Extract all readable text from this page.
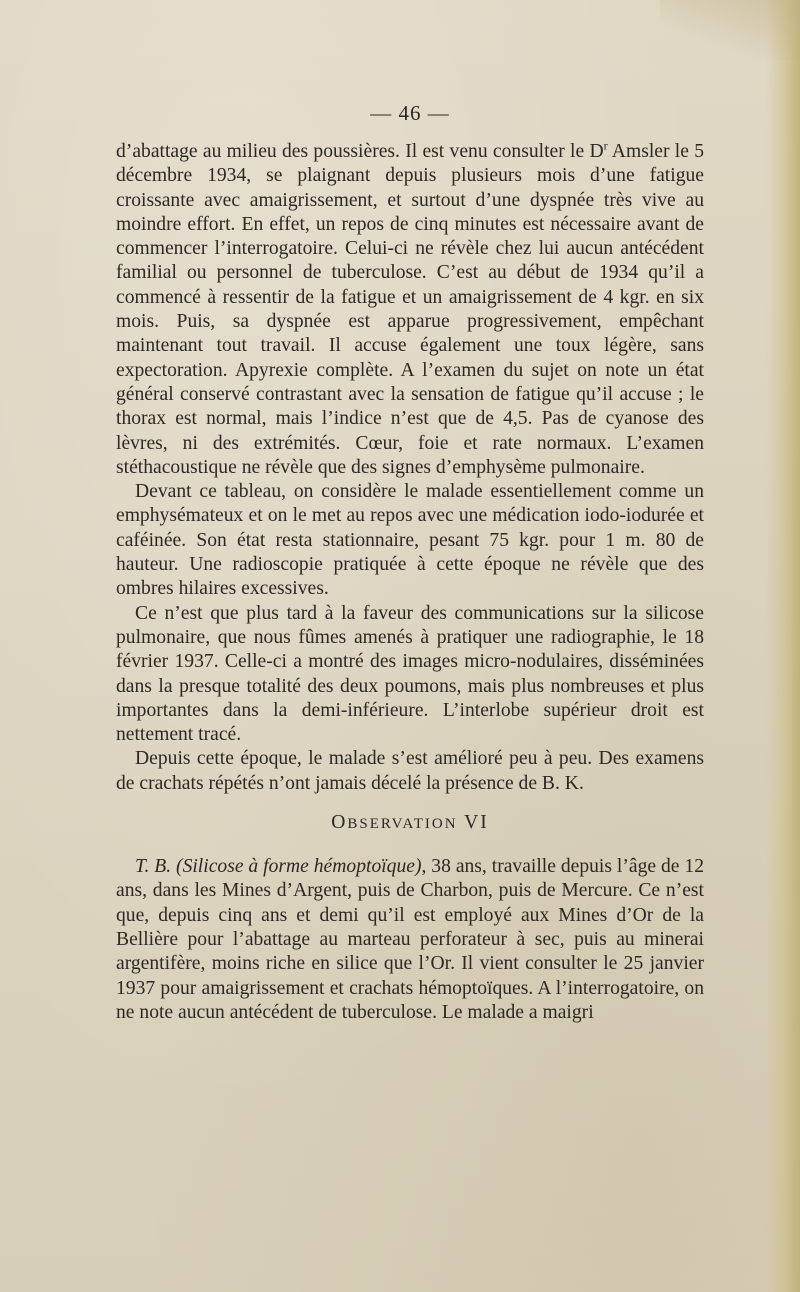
— 46 —

d’abattage au milieu des poussières. Il est venu consulter le $D^r$ Amsler le 5 décembre 1934, se plaignant depuis plusieurs mois d’une fatigue croissante avec amaigrissement, et surtout d’une dyspnée très vive au moindre effort. En effet, un repos de cinq minutes est nécessaire avant de commencer l’interrogatoire. Celui-ci ne révèle chez lui aucun antécédent familial ou personnel de tuberculose. C’est au début de 1934 qu’il a commencé à ressentir de la fatigue et un amaigrissement de 4 kgr. en six mois. Puis, sa dyspnée est apparue progressivement, empêchant maintenant tout travail. Il accuse également une toux légère, sans expectoration. Apyrexie complète. A l’examen du sujet on note un état général conservé contrastant avec la sensation de fatigue qu’il accuse ; le thorax est normal, mais l’indice n’est que de 4,5. Pas de cyanose des lèvres, ni des extrémités. Cœur, foie et rate normaux. L’examen stéthacoustique ne révèle que des signes d’emphysème pulmonaire.

Devant ce tableau, on considère le malade essentiellement comme un emphysémateux et on le met au repos avec une médication iodo-iodurée et caféinée. Son état resta stationnaire, pesant 75 kgr. pour 1 m. 80 de hauteur. Une radioscopie pratiquée à cette époque ne révèle que des ombres hilaires excessives.

Ce n’est que plus tard à la faveur des communications sur la silicose pulmonaire, que nous fûmes amenés à pratiquer une radiographie, le 18 février 1937. Celle-ci a montré des images micro-nodulaires, disséminées dans la presque totalité des deux poumons, mais plus nombreuses et plus importantes dans la demi-inférieure. L’interlobe supérieur droit est nettement tracé.

Depuis cette époque, le malade s’est amélioré peu à peu. Des examens de crachats répétés n’ont jamais décelé la présence de B. K.

OBSERVATION VI

T. B. (Silicose à forme hémoptoïque), 38 ans, travaille depuis l’âge de 12 ans, dans les Mines d’Argent, puis de Charbon, puis de Mercure. Ce n’est que, depuis cinq ans et demi qu’il est employé aux Mines d’Or de la Bellière pour l’abattage au marteau perforateur à sec, puis au minerai argentifère, moins riche en silice que l’Or. Il vient consulter le 25 janvier 1937 pour amaigrissement et crachats hémoptoïques. A l’interrogatoire, on ne note aucun antécédent de tuberculose. Le malade a maigri
